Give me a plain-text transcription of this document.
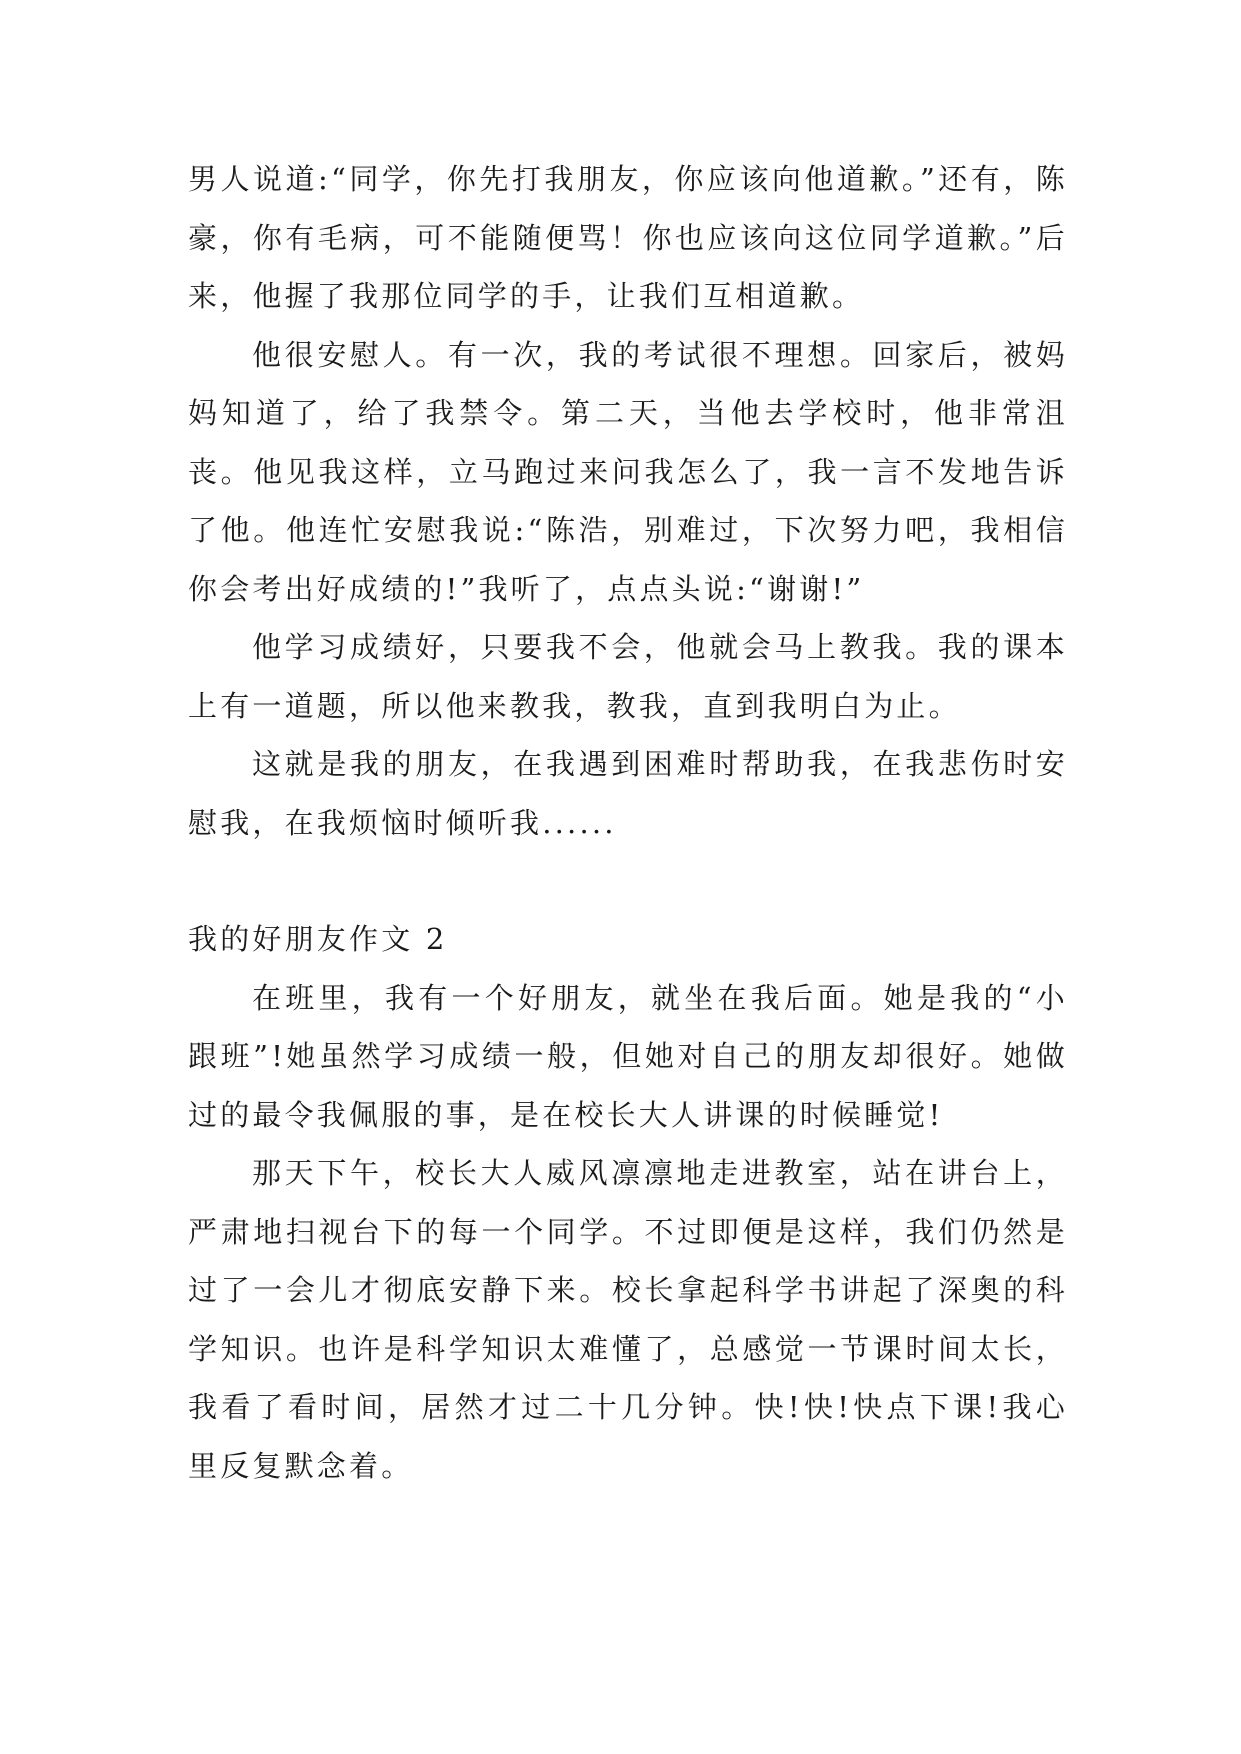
男人说道:“同学，你先打我朋友，你应该向他道歉。”还有，陈豪，你有毛病，可不能随便骂！你也应该向这位同学道歉。”后来，他握了我那位同学的手，让我们互相道歉。

他很安慰人。有一次，我的考试很不理想。回家后，被妈妈知道了，给了我禁令。第二天，当他去学校时，他非常沮丧。他见我这样，立马跑过来问我怎么了，我一言不发地告诉了他。他连忙安慰我说:“陈浩，别难过，下次努力吧，我相信你会考出好成绩的!”我听了，点点头说:“谢谢!”

他学习成绩好，只要我不会，他就会马上教我。我的课本上有一道题，所以他来教我，教我，直到我明白为止。

这就是我的朋友，在我遇到困难时帮助我，在我悲伤时安慰我，在我烦恼时倾听我......

我的好朋友作文 2

在班里，我有一个好朋友，就坐在我后面。她是我的“小跟班”!她虽然学习成绩一般，但她对自己的朋友却很好。她做过的最令我佩服的事，是在校长大人讲课的时候睡觉!

那天下午，校长大人威风凛凛地走进教室，站在讲台上，严肃地扫视台下的每一个同学。不过即便是这样，我们仍然是过了一会儿才彻底安静下来。校长拿起科学书讲起了深奥的科学知识。也许是科学知识太难懂了，总感觉一节课时间太长，我看了看时间，居然才过二十几分钟。快!快!快点下课!我心里反复默念着。
